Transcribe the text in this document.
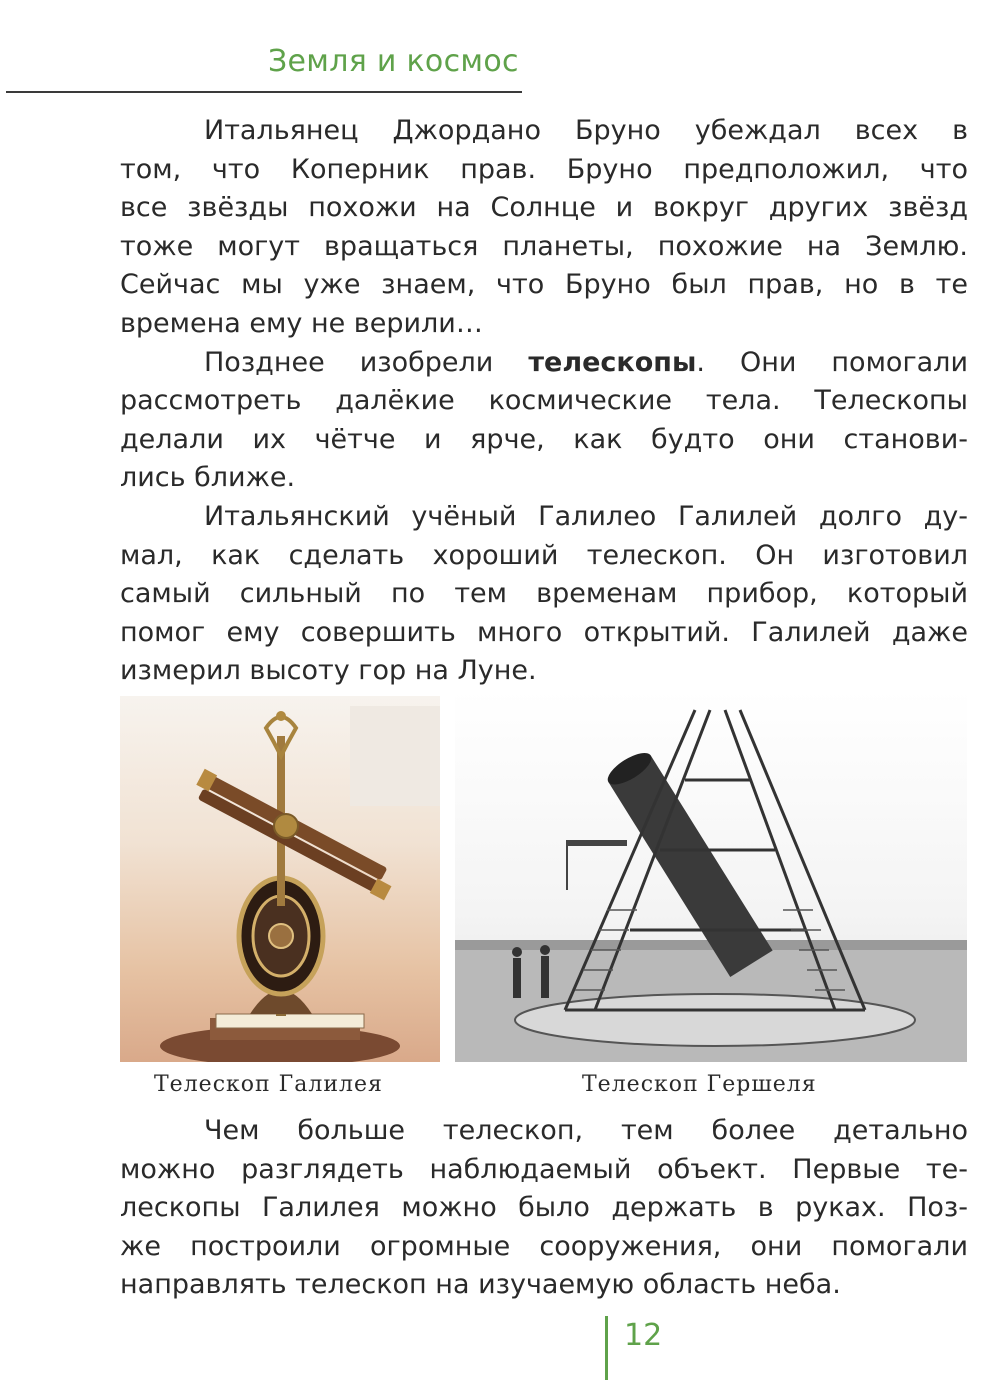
Земля и космос
Итальянец Джордано Бруно убеждал всех в
том, что Коперник прав. Бруно предположил, что
все звёзды похожи на Солнце и вокруг других звёзд
тоже могут вращаться планеты, похожие на Землю.
Сейчас мы уже знаем, что Бруно был прав, но в те
времена ему не верили…
Позднее изобрели телескопы. Они помогали
рассмотреть далёкие космические тела. Телескопы
делали их чётче и ярче, как будто они станови-
лись ближе.
Итальянский учёный Галилео Галилей долго ду-
мал, как сделать хороший телескоп. Он изготовил
самый сильный по тем временам прибор, который
помог ему совершить много открытий. Галилей даже
измерил высоту гор на Луне.
Телескоп Галилея	Телескоп Гершеля
Чем больше телескоп, тем более детально
можно разглядеть наблюдаемый объект. Первые те-
лескопы Галилея можно было держать в руках. Поз-
же построили огромные сооружения, они помогали
направлять телескоп на изучаемую область неба.
12
